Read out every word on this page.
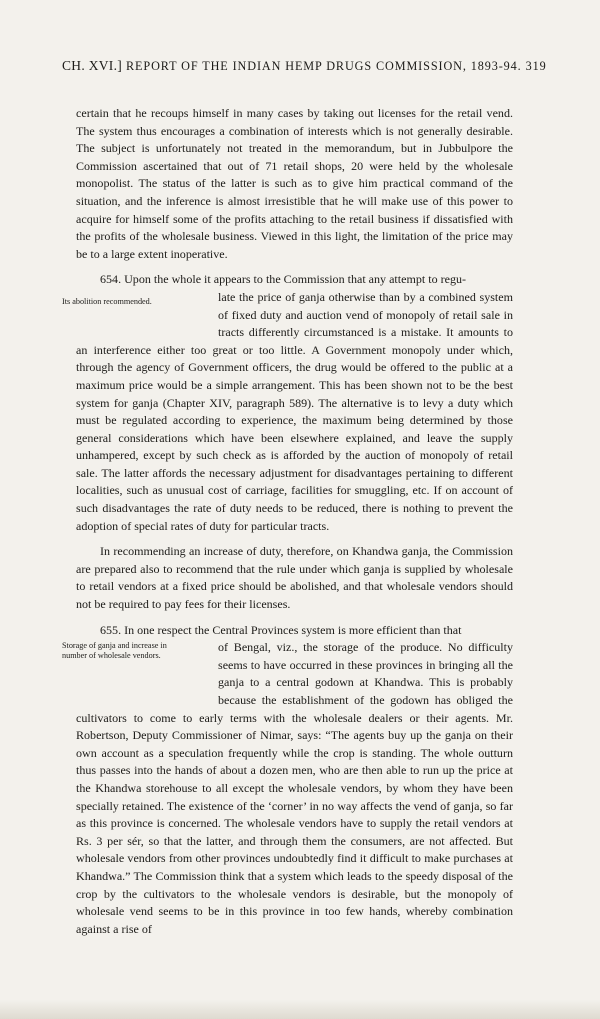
CH. XVI.] REPORT OF THE INDIAN HEMP DRUGS COMMISSION, 1893-94. 319

certain that he recoups himself in many cases by taking out licenses for the retail vend. The system thus encourages a combination of interests which is not generally desirable. The subject is unfortunately not treated in the memorandum, but in Jubbulpore the Commission ascertained that out of 71 retail shops, 20 were held by the wholesale monopolist. The status of the latter is such as to give him practical command of the situation, and the inference is almost irresistible that he will make use of this power to acquire for himself some of the profits attaching to the retail business if dissatisfied with the profits of the wholesale business. Viewed in this light, the limitation of the price may be to a large extent inoperative.

654. Upon the whole it appears to the Commission that any attempt to regu-

Its abolition recommended.	late the price of ganja otherwise than by a combined system of fixed duty and auction vend of monopoly of retail sale in tracts differently circumstanced is a mistake. It amounts to an interference either too great or too little. A Government monopoly under which, through the agency of Government officers, the drug would be offered to the public at a maximum price would be a simple arrangement. This has been shown not to be the best system for ganja (Chapter XIV, paragraph 589). The alternative is to levy a duty which must be regulated according to experience, the maximum being determined by those general considerations which have been elsewhere explained, and leave the supply unhampered, except by such check as is afforded by the auction of monopoly of retail sale. The latter affords the necessary adjustment for disadvantages pertaining to different localities, such as unusual cost of carriage, facilities for smuggling, etc. If on account of such disadvantages the rate of duty needs to be reduced, there is nothing to prevent the adoption of special rates of duty for particular tracts.

In recommending an increase of duty, therefore, on Khandwa ganja, the Commission are prepared also to recommend that the rule under which ganja is supplied by wholesale to retail vendors at a fixed price should be abolished, and that wholesale vendors should not be required to pay fees for their licenses.

655. In one respect the Central Provinces system is more efficient than that

Storage of ganja and increase in
number of wholesale vendors.
of Bengal, viz., the storage of the produce. No difficulty seems to have occurred in these provinces in bringing all the ganja to a central godown at Khandwa. This is probably because the establishment of the godown has obliged the cultivators to come to early terms with the wholesale dealers or their agents. Mr. Robertson, Deputy Commissioner of Nimar, says: “The agents buy up the ganja on their own account as a speculation frequently while the crop is standing. The whole outturn thus passes into the hands of about a dozen men, who are then able to run up the price at the Khandwa storehouse to all except the wholesale vendors, by whom they have been specially retained. The existence of the ‘corner’ in no way affects the vend of ganja, so far as this province is concerned. The wholesale vendors have to supply the retail vendors at Rs. 3 per sér, so that the latter, and through them the consumers, are not affected. But wholesale vendors from other provinces undoubtedly find it difficult to make purchases at Khandwa.” The Commission think that a system which leads to the speedy disposal of the crop by the cultivators to the wholesale vendors is desirable, but the monopoly of wholesale vend seems to be in this province in too few hands, whereby combination against a rise of
